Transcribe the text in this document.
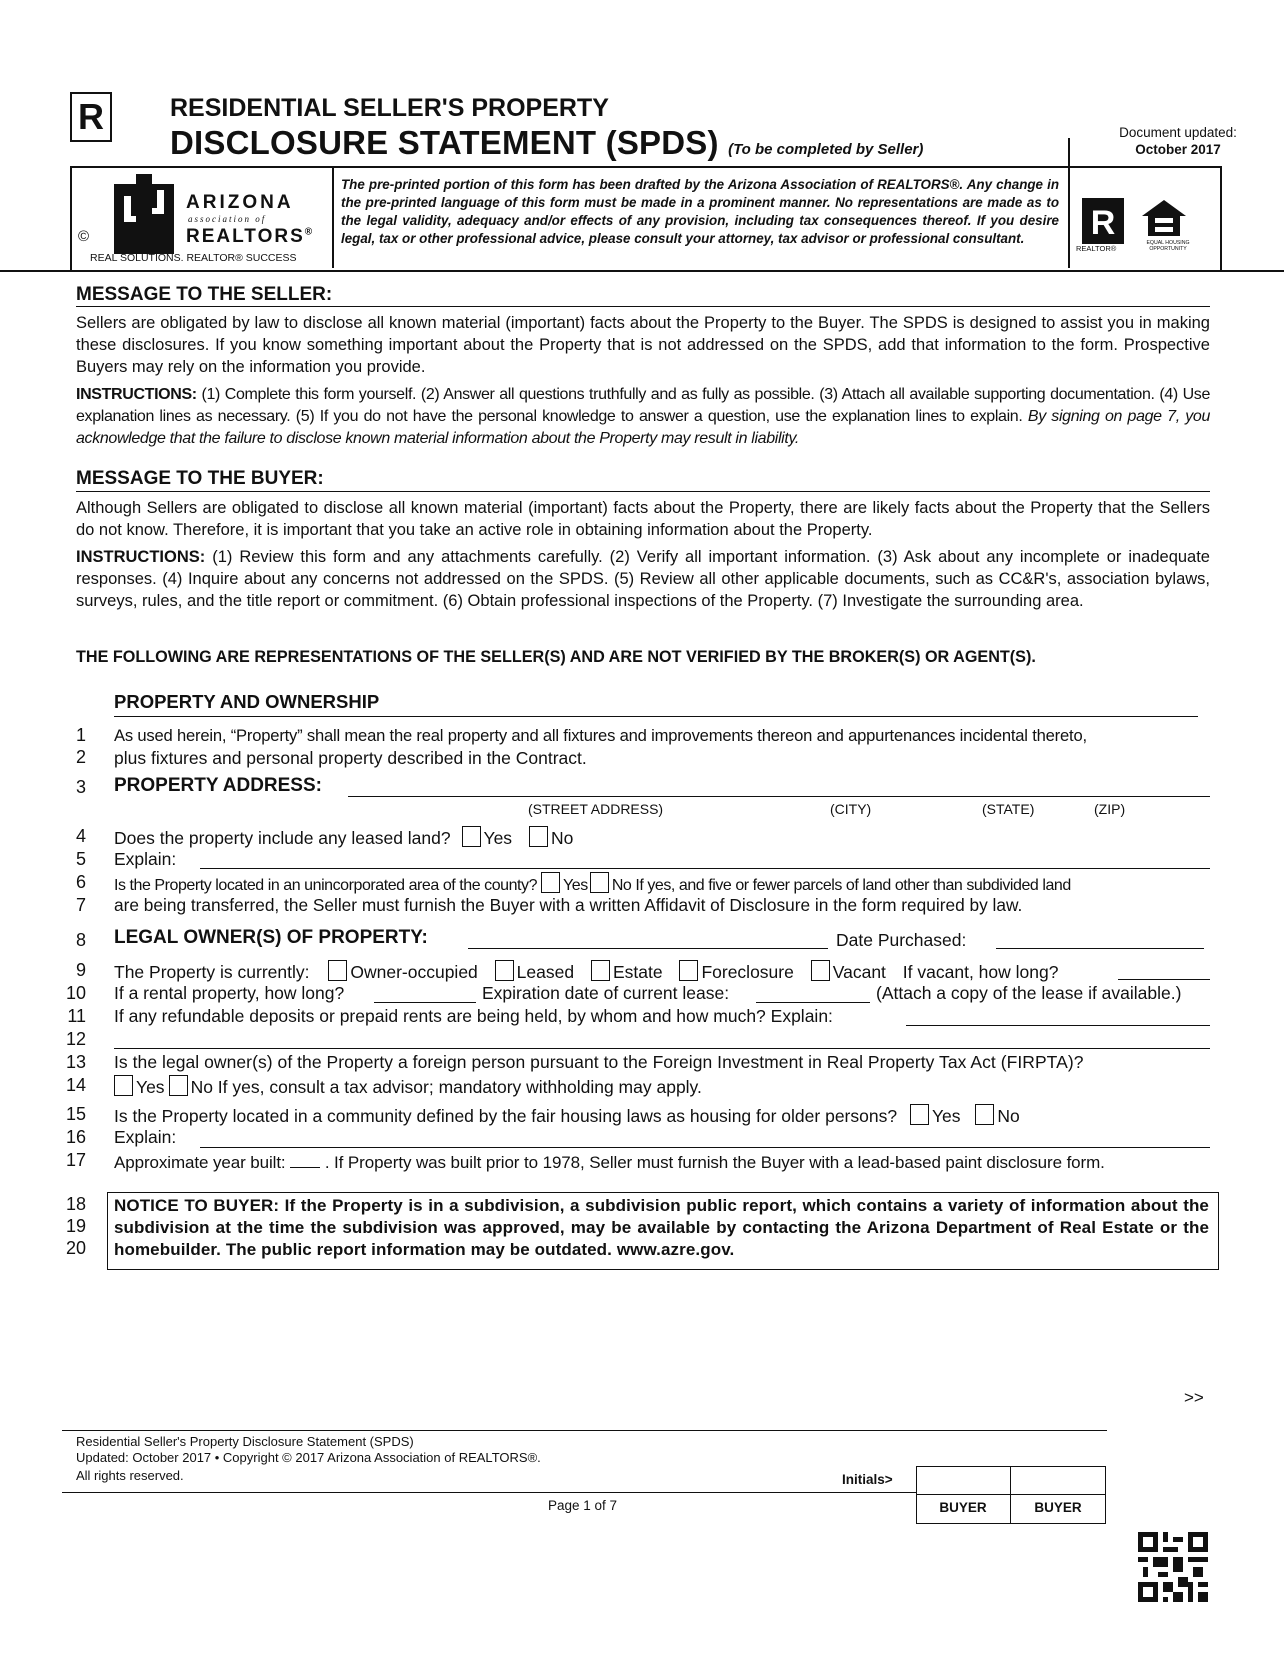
R	RESIDENTIAL SELLER'S PROPERTY
DISCLOSURE STATEMENT (SPDS) (To be completed by Seller)
Document updated:
October 2017
ARIZONA
association of
REALTORS®
REAL SOLUTIONS. REALTOR® SUCCESS
©
The pre-printed portion of this form has been drafted by the Arizona Association of REALTORS®. Any change in the pre-printed language of this form must be made in a prominent manner. No representations are made as to the legal validity, adequacy and/or effects of any provision, including tax consequences thereof. If you desire legal, tax or other professional advice, please consult your attorney, tax advisor or professional consultant.	R
REALTOR®
EQUAL HOUSING OPPORTUNITY
MESSAGE TO THE SELLER:
Sellers are obligated by law to disclose all known material (important) facts about the Property to the Buyer. The SPDS is designed to assist you in making these disclosures. If you know something important about the Property that is not addressed on the SPDS, add that information to the form. Prospective Buyers may rely on the information you provide.
INSTRUCTIONS: (1) Complete this form yourself. (2) Answer all questions truthfully and as fully as possible. (3) Attach all available supporting documentation. (4) Use explanation lines as necessary. (5) If you do not have the personal knowledge to answer a question, use the explanation lines to explain. By signing on page 7, you acknowledge that the failure to disclose known material information about the Property may result in liability.
MESSAGE TO THE BUYER:
Although Sellers are obligated to disclose all known material (important) facts about the Property, there are likely facts about the Property that the Sellers do not know. Therefore, it is important that you take an active role in obtaining information about the Property.
INSTRUCTIONS: (1) Review this form and any attachments carefully. (2) Verify all important information. (3) Ask about any incomplete or inadequate responses. (4) Inquire about any concerns not addressed on the SPDS. (5) Review all other applicable documents, such as CC&R's, association bylaws, surveys, rules, and the title report or commitment. (6) Obtain professional inspections of the Property. (7) Investigate the surrounding area.
THE FOLLOWING ARE REPRESENTATIONS OF THE SELLER(S) AND ARE NOT VERIFIED BY THE BROKER(S) OR AGENT(S).
PROPERTY AND OWNERSHIP
1
2
3
4
5
6
7
8
9
10
11
12
13
14
15
16
17
18
19
20
As used herein, “Property” shall mean the real property and all fixtures and improvements thereon and appurtenances incidental thereto,
plus fixtures and personal property described in the Contract.
PROPERTY ADDRESS:
(STREET ADDRESS)	(CITY)	(STATE)	(ZIP)
Does the property include any leased land? Yes No
Explain:
Is the Property located in an unincorporated area of the county? Yes No If yes, and five or fewer parcels of land other than subdivided land
are being transferred, the Seller must furnish the Buyer with a written Affidavit of Disclosure in the form required by law.
LEGAL OWNER(S) OF PROPERTY:	Date Purchased:
The Property is currently: Owner-occupied Leased Estate Foreclosure Vacant If vacant, how long?
If a rental property, how long?	Expiration date of current lease:	(Attach a copy of the lease if available.)
If any refundable deposits or prepaid rents are being held, by whom and how much? Explain:
Is the legal owner(s) of the Property a foreign person pursuant to the Foreign Investment in Real Property Tax Act (FIRPTA)?
Yes No If yes, consult a tax advisor; mandatory withholding may apply.
Is the Property located in a community defined by the fair housing laws as housing for older persons? Yes No
Explain:
Approximate year built: . If Property was built prior to 1978, Seller must furnish the Buyer with a lead-based paint disclosure form.
NOTICE TO BUYER: If the Property is in a subdivision, a subdivision public report, which contains a variety of information about the subdivision at the time the subdivision was approved, may be available by contacting the Arizona Department of Real Estate or the homebuilder. The public report information may be outdated. www.azre.gov.
>>
Residential Seller's Property Disclosure Statement (SPDS)
Updated: October 2017 • Copyright © 2017 Arizona Association of REALTORS®.
All rights reserved.	Initials>
BUYER	BUYER
Page 1 of 7
